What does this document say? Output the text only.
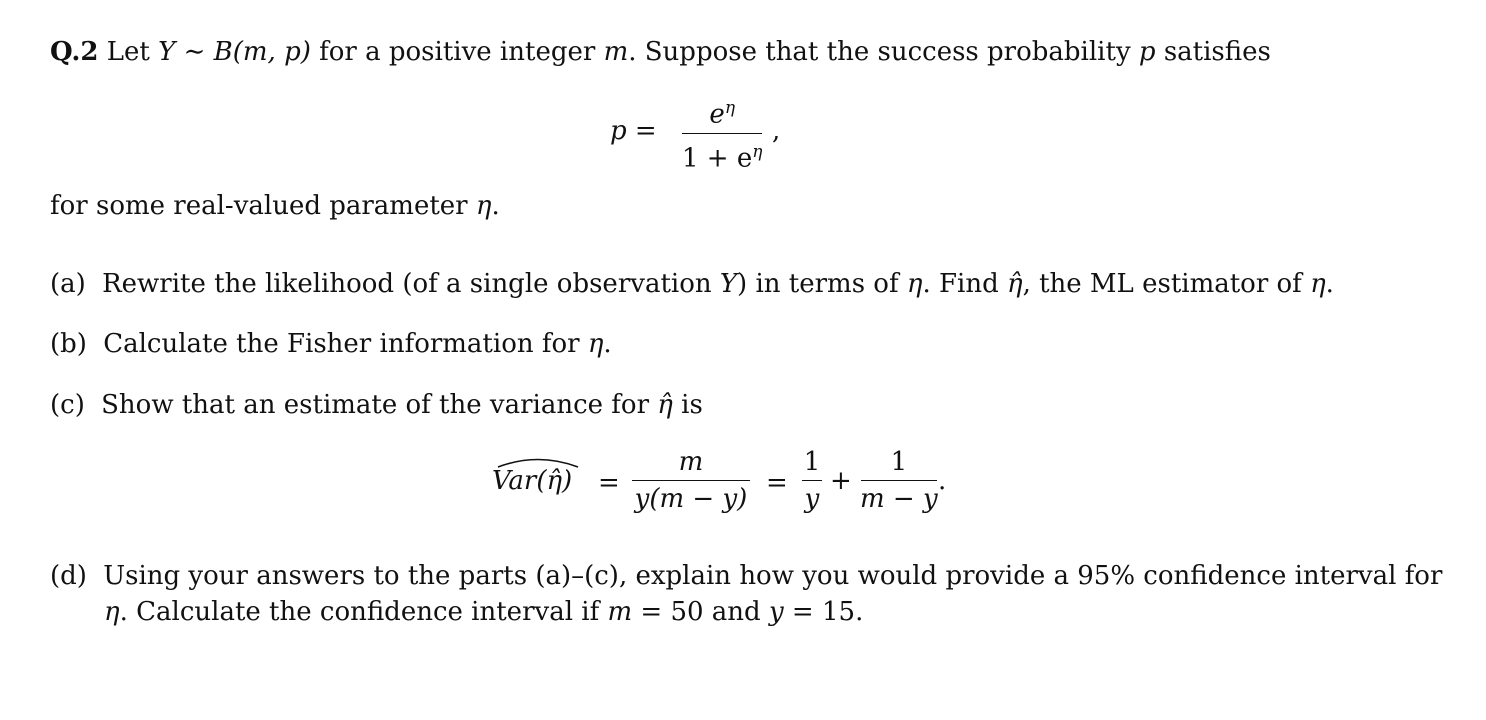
Q.2 Let Y ∼ B(m, p) for a positive integer m. Suppose that the success probability p satisfies
p =
$e^\eta$
$1 + e^\eta$
,
for some real-valued parameter η.
(a) Rewrite the likelihood (of a single observation Y) in terms of η. Find η̂, the ML estimator of η.
(b) Calculate the Fisher information for η.
(c) Show that an estimate of the variance for η̂ is
Var(η̂) =
m
y(m − y)
=
1
y
+
1
m − y
.
(d) Using your answers to the parts (a)–(c), explain how you would provide a 95% confidence interval for
η. Calculate the confidence interval if m = 50 and y = 15.
